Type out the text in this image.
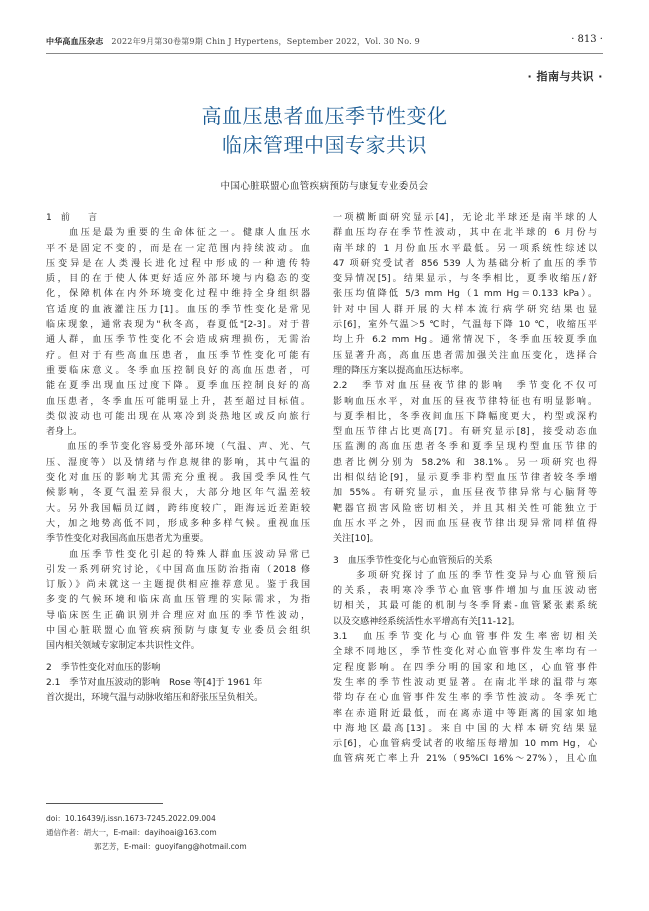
中华高血压杂志 2022年9月第30卷第9期 Chin J Hypertens，September 2022，Vol. 30 No. 9	· 813 ·
· 指南与共识 ·
高血压患者血压季节性变化
临床管理中国专家共识
中国心脏联盟心血管疾病预防与康复专业委员会
1　前　　言
　　血压是最为重要的生命体征之一。健康人血压水
平不是固定不变的，而是在一定范围内持续波动。血
压变异是在人类漫长进化过程中形成的一种遗传特
质，目的在于使人体更好适应外部环境与内稳态的变
化，保障机体在内外环境变化过程中维持全身组织器
官适度的血液灌注压力[1]。血压的季节性变化是常见
临床现象，通常表现为"秋冬高，春夏低"[2-3]。对于普
通人群，血压季节性变化不会造成病理损伤，无需治
疗。但对于有些高血压患者，血压季节性变化可能有
重要临床意义。冬季血压控制良好的高血压患者，可
能在夏季出现血压过度下降。夏季血压控制良好的高
血压患者，冬季血压可能明显上升，甚至超过目标值。
类似波动也可能出现在从寒冷到炎热地区或反向旅行
者身上。
　　血压的季节变化容易受外部环境（气温、声、光、气
压、湿度等）以及情绪与作息规律的影响，其中气温的
变化对血压的影响尤其需充分重视。我国受季风性气
候影响，冬夏气温差异很大，大部分地区年气温差较
大。另外我国幅员辽阔，跨纬度较广，距海远近差距较
大，加之地势高低不同，形成多种多样气候。重视血压
季节性变化对我国高血压患者尤为重要。
　　血压季节性变化引起的特殊人群血压波动异常已
引发一系列研究讨论，《中国高血压防治指南（2018 修
订版）》尚未就这一主题提供相应推荐意见。鉴于我国
多变的气候环境和临床高血压管理的实际需求，为指
导临床医生正确识别并合理应对血压的季节性波动，
中国心脏联盟心血管疾病预防与康复专业委员会组织
国内相关领域专家制定本共识性文件。
2　季节性变化对血压的影响
2.1　季节对血压波动的影响　Rose 等[4]于 1961 年
首次提出，环境气温与动脉收缩压和舒张压呈负相关。
一项横断面研究显示[4]，无论北半球还是南半球的人
群血压均存在季节性波动，其中在北半球的 6 月份与
南半球的 1 月份血压水平最低。另一项系统性综述以
47 项研究受试者 856 539 人为基础分析了血压的季节
变异情况[5]。结果显示，与冬季相比，夏季收缩压/舒
张压均值降低 5/3 mm Hg（1 mm Hg＝0.133 kPa）。
针对中国人群开展的大样本流行病学研究结果也显
示[6]，室外气温＞5 ℃时，气温每下降 10 ℃，收缩压平
均上升 6.2 mm Hg。通常情况下，冬季血压较夏季血
压显著升高，高血压患者需加强关注血压变化，选择合
理的降压方案以提高血压达标率。
2.2　季节对血压昼夜节律的影响　季节变化不仅可
影响血压水平，对血压的昼夜节律特征也有明显影响。
与夏季相比，冬季夜间血压下降幅度更大，杓型或深杓
型血压节律占比更高[7]。有研究显示[8]，接受动态血
压监测的高血压患者冬季和夏季呈现杓型血压节律的
患者比例分别为 58.2% 和 38.1%。另一项研究也得
出相似结论[9]，显示夏季非杓型血压节律者较冬季增
加 55%。有研究显示，血压昼夜节律异常与心脑肾等
靶器官损害风险密切相关，并且其相关性可能独立于
血压水平之外，因而血压昼夜节律出现异常同样值得
关注[10]。
3　血压季节性变化与心血管预后的关系
　　多项研究探讨了血压的季节性变异与心血管预后
的关系，表明寒冷季节心血管事件增加与血压波动密
切相关，其最可能的机制与冬季肾素-血管紧张素系统
以及交感神经系统活性水平增高有关[11-12]。
3.1　血压季节变化与心血管事件发生率密切相关
全球不同地区，季节性变化对心血管事件发生率均有一
定程度影响。在四季分明的国家和地区，心血管事件
发生率的季节性波动更显著。在南北半球的温带与寒
带均存在心血管事件发生率的季节性波动。冬季死亡
率在赤道附近最低，而在离赤道中等距离的国家如地
中海地区最高[13]。来自中国的大样本研究结果显
示[6]，心血管病受试者的收缩压每增加 10 mm Hg，心
血管病死亡率上升 21%（95%CI 16%～27%），且心血
doi：10.16439/j.issn.1673-7245.2022.09.004
通信作者：胡大一，E-mail：dayihoai@163.com
郭艺芳，E-mail：guoyifang@hotmail.com
